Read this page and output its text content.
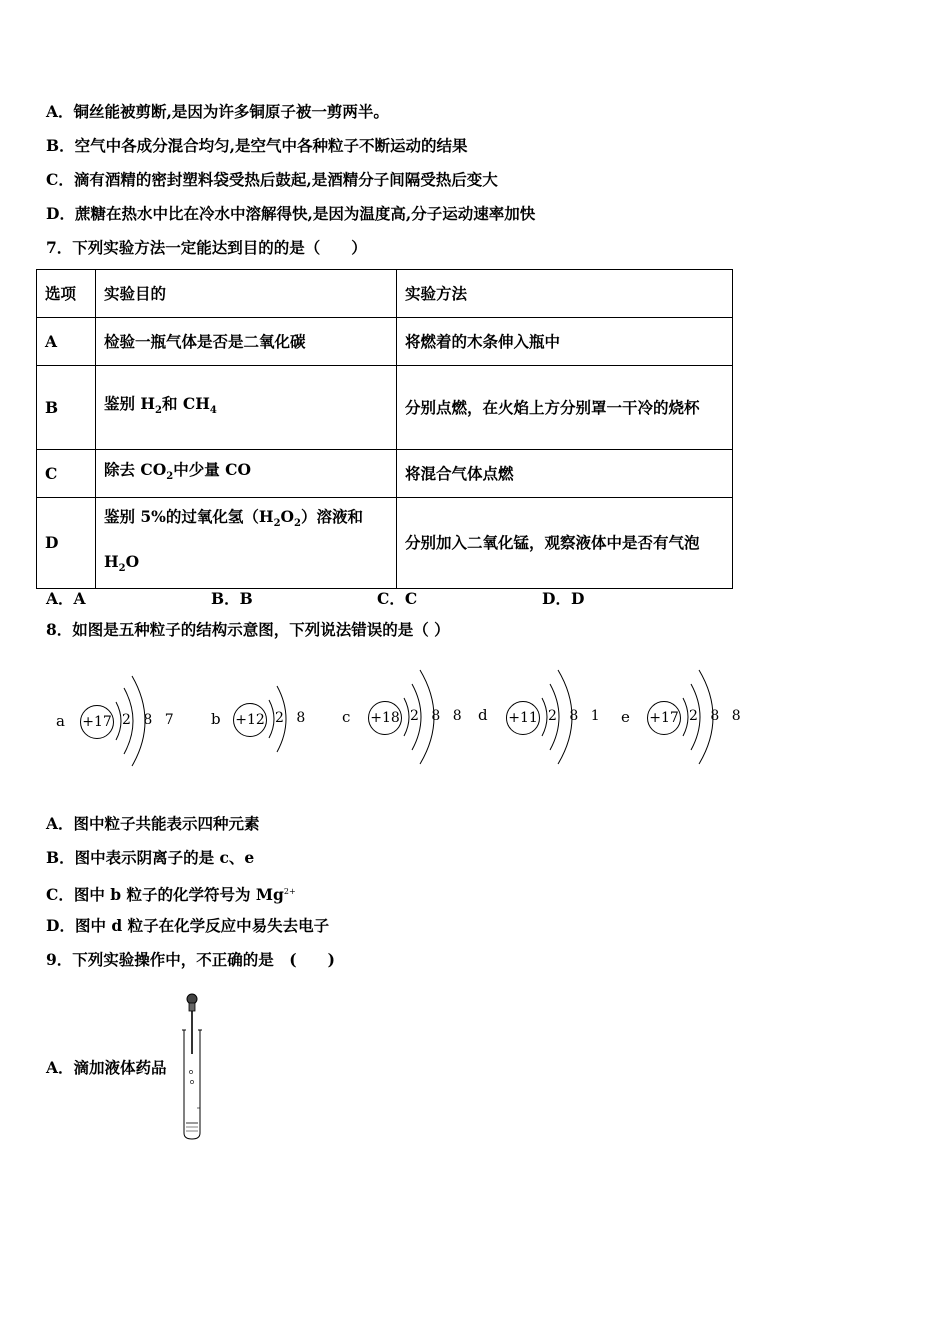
A．铜丝能被剪断,是因为许多铜原子被一剪两半。
B．空气中各成分混合均匀,是空气中各种粒子不断运动的结果
C．滴有酒精的密封塑料袋受热后鼓起,是酒精分子间隔受热后变大
D．蔗糖在热水中比在冷水中溶解得快,是因为温度高,分子运动速率加快
7．下列实验方法一定能达到目的的是（　　）
选项	实验目的	实验方法
A	检验一瓶气体是否是二氧化碳	将燃着的木条伸入瓶中
B	鉴别 $H_2$和 $CH_4$	分别点燃，在火焰上方分别罩一干冷的烧杯
C	除去 $CO_2$中少量 CO	将混合气体点燃
D	鉴别 5%的过氧化氢$(H_2O_2)$溶液和 $H_2O$	分别加入二氧化锰，观察液体中是否有气泡
A．A	B．B	C．C	D．D
8．如图是五种粒子的结构示意图，下列说法错误的是（ ）
a +17 2 8 7 b +12 2 8 c +18 2 8 8 d +11 2 8 1 e +17 2 8 8
A．图中粒子共能表示四种元素
B．图中表示阴离子的是 c、e
C．图中 b 粒子的化学符号为 $Mg^{2+}$
D．图中 d 粒子在化学反应中易失去电子
9．下列实验操作中，不正确的是　(　　)
A．滴加液体药品
